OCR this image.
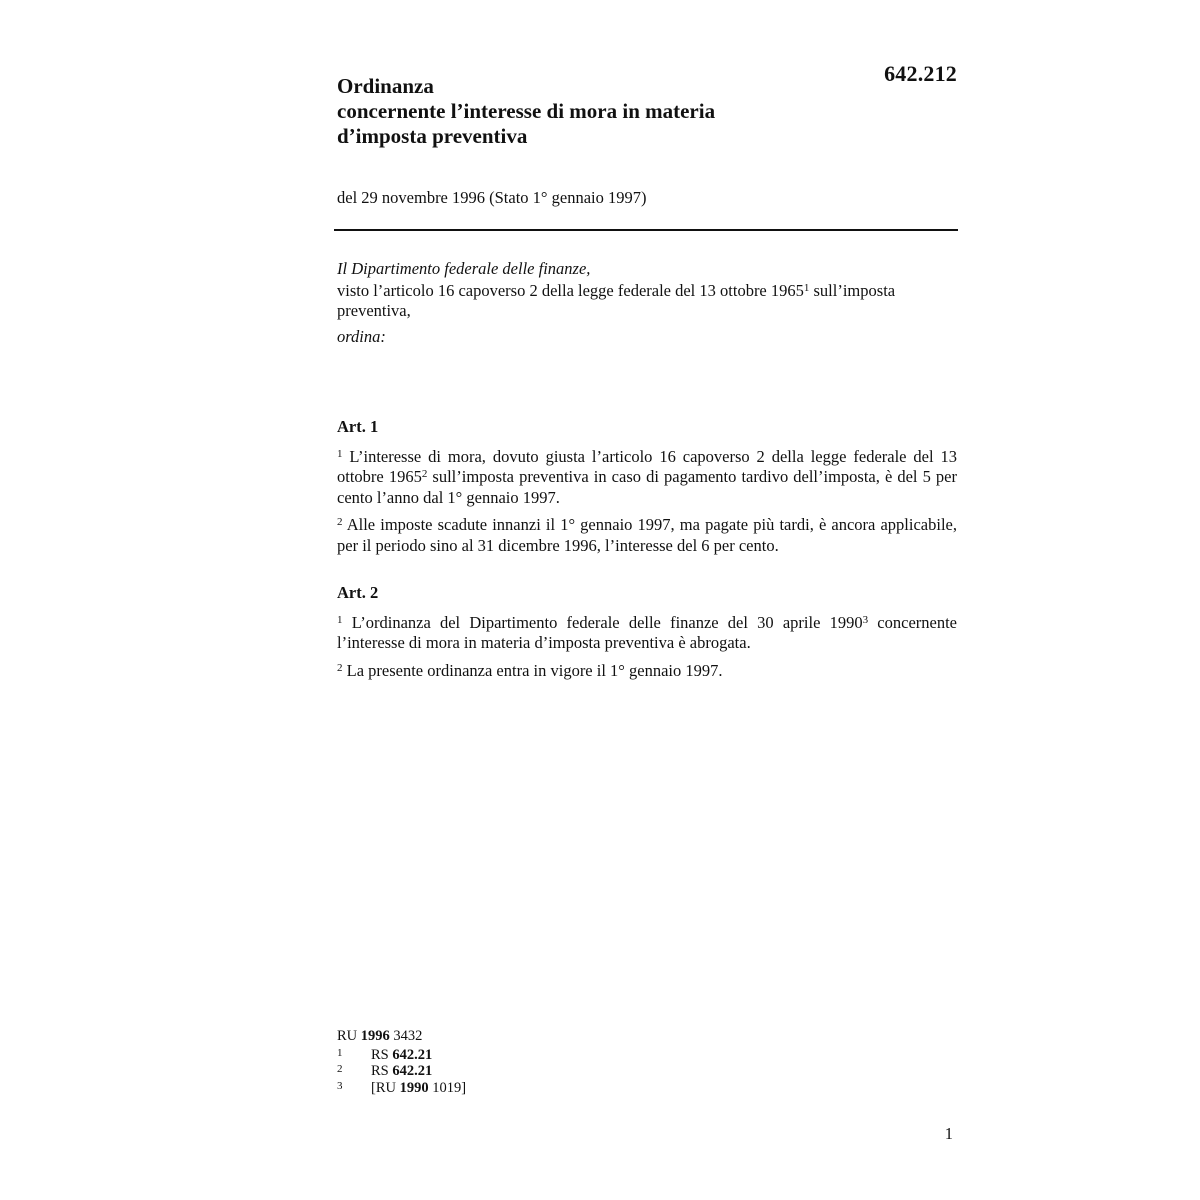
642.212
Ordinanza
concernente l’interesse di mora in materia
d’imposta preventiva
del 29 novembre 1996 (Stato 1° gennaio 1997)

Il Dipartimento federale delle finanze,

visto l’articolo 16 capoverso 2 della legge federale del 13 ottobre 1965$^1$ sull’imposta preventiva,

ordina:

Art. 1

$^1$ L’interesse di mora, dovuto giusta l’articolo 16 capoverso 2 della legge federale del 13 ottobre 1965$^2$ sull’imposta preventiva in caso di pagamento tardivo dell’imposta, è del 5 per cento l’anno dal 1° gennaio 1997.

$^2$ Alle imposte scadute innanzi il 1° gennaio 1997, ma pagate più tardi, è ancora applicabile, per il periodo sino al 31 dicembre 1996, l’interesse del 6 per cento.

Art. 2

$^1$ L’ordinanza del Dipartimento federale delle finanze del 30 aprile 1990$^3$ concernente l’interesse di mora in materia d’imposta preventiva è abrogata.

$^2$ La presente ordinanza entra in vigore il 1° gennaio 1997.

RU 1996 3432
1	RS 642.21
2	RS 642.21
3	[RU 1990 1019]
1
